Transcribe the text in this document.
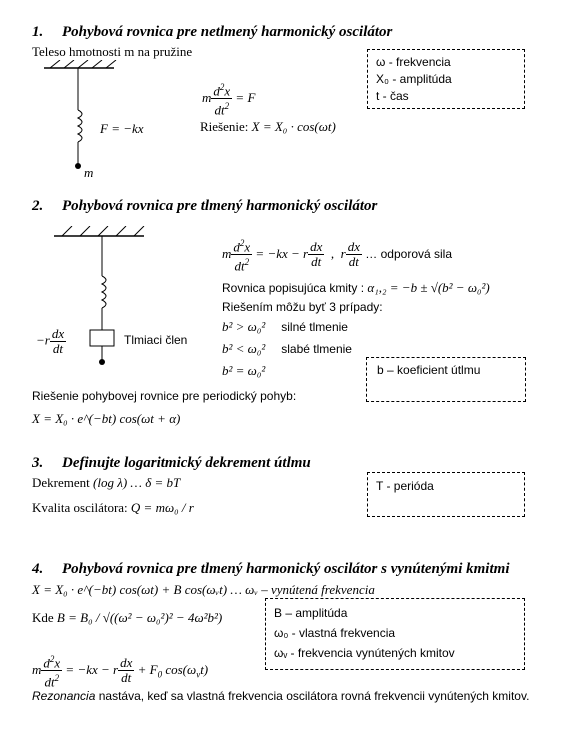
1. Pohybová rovnica pre netlmený harmonický oscilátor
Teleso hmotnosti m na pružine
F = −kx
m
m $\frac{d^2x}{dt^2} = F$
Riešenie: X = X₀ · cos(ωt)
ω - frekvencia
X₀ - amplitúda
t - čas
2. Pohybová rovnica pre tlmený harmonický oscilátor
$-r \frac{dx}{dt}$	Tlmiaci člen
m $\frac{d^2x}{dt^2} = -kx - r \frac{dx}{dt}$ ,  r $\frac{dx}{dt}$ … odporová sila
Rovnica popisujúca kmity : α₁,₂ = −b ± √(b² − ω₀²)
Riešením môžu byť 3 prípady:
b² > ω₀² silné tlmenie
b² < ω₀² slabé tlmenie
b² = ω₀²	b – koeficient útlmu
Riešenie pohybovej rovnice pre periodický pohyb:
X = X₀ · e^(−bt) cos(ωt + α)
3. Definujte logaritmický dekrement útlmu
Dekrement (log λ) … δ = bT
Kvalita oscilátora: Q = mω₀ / r
T - perióda
4. Pohybová rovnica pre tlmený harmonický oscilátor s vynútenými kmitmi
X = X₀ · e^(−bt) cos(ωt) + B cos(ωᵥt) … ωᵥ – vynútená frekvencia
Kde B = B₀ / √((ω² − ω₀²)² − 4ω²b²)
m $\frac{d^2x}{dt^2} = -kx - r \frac{dx}{dt} + F_0$ $\cos(\omega_vt)$
B – amplitúda
ω₀ - vlastná frekvencia
ωᵥ - frekvencia vynútených kmitov
Rezonancia nastáva, keď sa vlastná frekvencia oscilátora rovná frekvencii vynútených kmitov.
